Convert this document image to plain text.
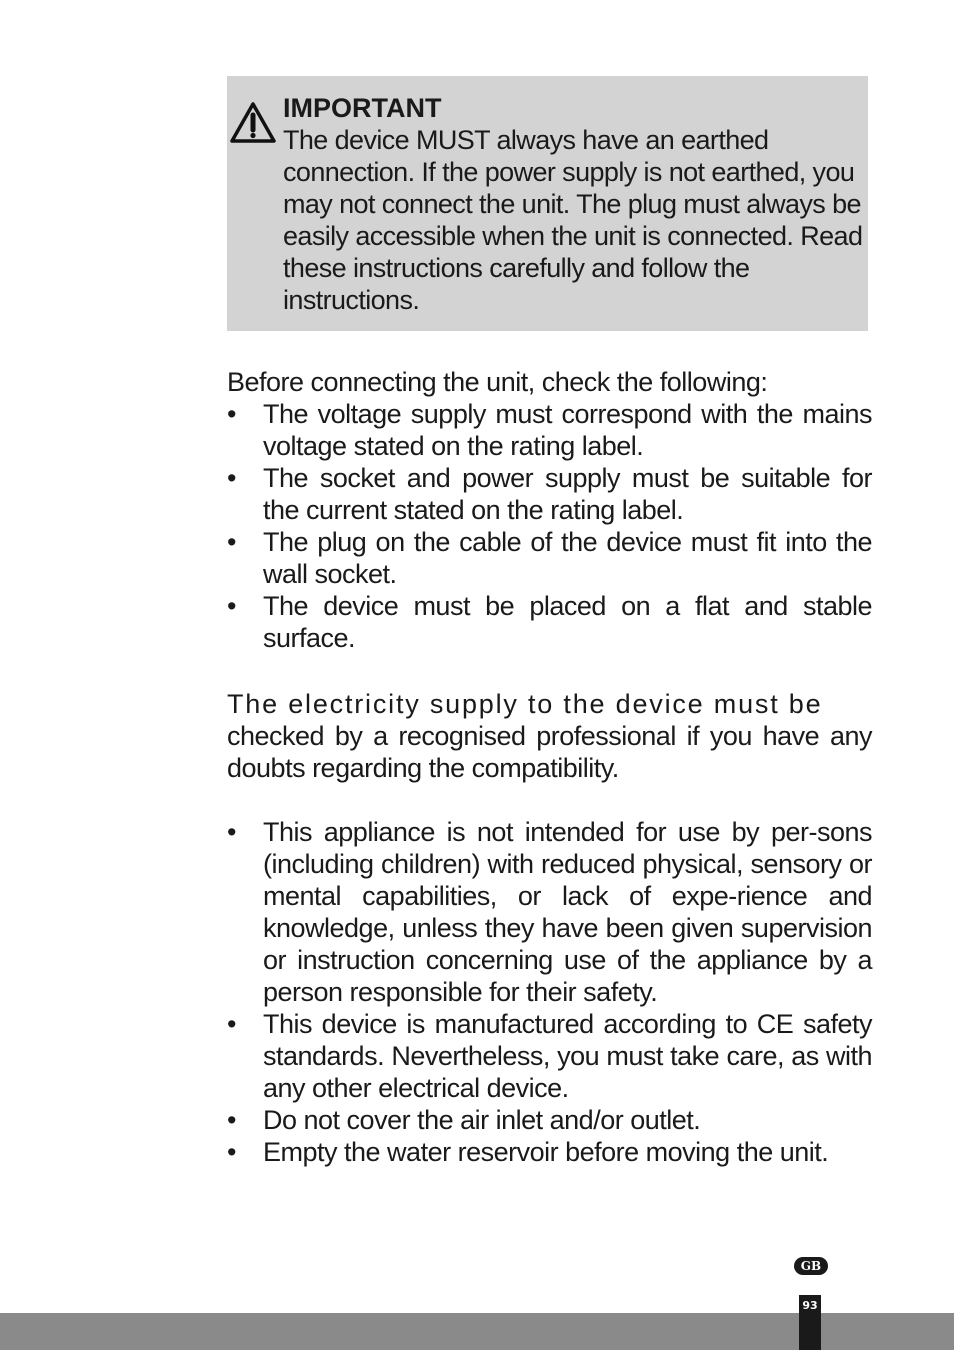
IMPORTANT
The device MUST always have an earthed connection. If the power supply is not earthed, you may not connect the unit. The plug must always be easily accessible when the unit is connected. Read these instructions carefully and follow the instructions.

Before connecting the unit, check the following:

• The voltage supply must correspond with the mains voltage stated on the rating label.
• The socket and power supply must be suitable for the current stated on the rating label.
• The plug on the cable of the device must fit into the wall socket.
• The device must be placed on a flat and stable surface.

The electricity supply to the device must be
checked by a recognised professional if you have any doubts regarding the compatibility.

• This appliance is not intended for use by per-sons (including children) with reduced physical, sensory or mental capabilities, or lack of expe-rience and knowledge, unless they have been given supervision or instruction concerning use of the appliance by a person responsible for their safety.
• This device is manufactured according to CE safety standards. Nevertheless, you must take care, as with any other electrical device.
• Do not cover the air inlet and/or outlet.
• Empty the water reservoir before moving the unit.
GB
93
